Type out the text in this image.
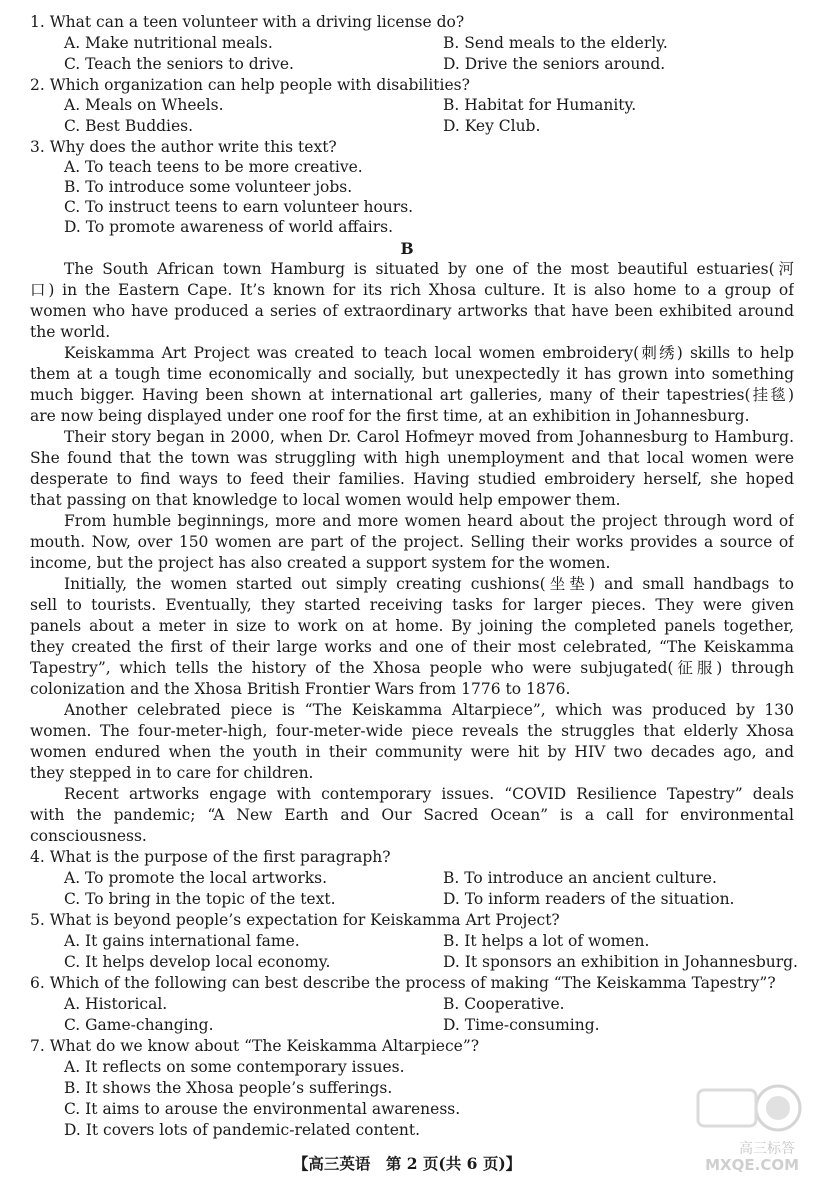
1. What can a teen volunteer with a driving license do?
A. Make nutritional meals.	B. Send meals to the elderly.
C. Teach the seniors to drive.	D. Drive the seniors around.
2. Which organization can help people with disabilities?
A. Meals on Wheels.	B. Habitat for Humanity.
C. Best Buddies.	D. Key Club.
3. Why does the author write this text?
A. To teach teens to be more creative.
B. To introduce some volunteer jobs.
C. To instruct teens to earn volunteer hours.
D. To promote awareness of world affairs.
B
The South African town Hamburg is situated by one of the most beautiful estuaries(河
口) in the Eastern Cape. It’s known for its rich Xhosa culture. It is also home to a group of
women who have produced a series of extraordinary artworks that have been exhibited around
the world.
Keiskamma Art Project was created to teach local women embroidery(刺绣) skills to help
them at a tough time economically and socially, but unexpectedly it has grown into something
much bigger. Having been shown at international art galleries, many of their tapestries(挂毯)
are now being displayed under one roof for the first time, at an exhibition in Johannesburg.
Their story began in 2000, when Dr. Carol Hofmeyr moved from Johannesburg to Hamburg.
She found that the town was struggling with high unemployment and that local women were
desperate to find ways to feed their families. Having studied embroidery herself, she hoped
that passing on that knowledge to local women would help empower them.
From humble beginnings, more and more women heard about the project through word of
mouth. Now, over 150 women are part of the project. Selling their works provides a source of
income, but the project has also created a support system for the women.
Initially, the women started out simply creating cushions(坐垫) and small handbags to
sell to tourists. Eventually, they started receiving tasks for larger pieces. They were given
panels about a meter in size to work on at home. By joining the completed panels together,
they created the first of their large works and one of their most celebrated, “The Keiskamma
Tapestry”, which tells the history of the Xhosa people who were subjugated(征服) through
colonization and the Xhosa British Frontier Wars from 1776 to 1876.
Another celebrated piece is “The Keiskamma Altarpiece”, which was produced by 130
women. The four-meter-high, four-meter-wide piece reveals the struggles that elderly Xhosa
women endured when the youth in their community were hit by HIV two decades ago, and
they stepped in to care for children.
Recent artworks engage with contemporary issues. “COVID Resilience Tapestry” deals
with the pandemic; “A New Earth and Our Sacred Ocean” is a call for environmental
consciousness.
4. What is the purpose of the first paragraph?
A. To promote the local artworks.	B. To introduce an ancient culture.
C. To bring in the topic of the text.	D. To inform readers of the situation.
5. What is beyond people’s expectation for Keiskamma Art Project?
A. It gains international fame.	B. It helps a lot of women.
C. It helps develop local economy.	D. It sponsors an exhibition in Johannesburg.
6. Which of the following can best describe the process of making “The Keiskamma Tapestry”?
A. Historical.	B. Cooperative.
C. Game-changing.	D. Time-consuming.
7. What do we know about “The Keiskamma Altarpiece”?
A. It reflects on some contemporary issues.
B. It shows the Xhosa people’s sufferings.
C. It aims to arouse the environmental awareness.
D. It covers lots of pandemic-related content.
【高三英语　第 2 页(共 6 页)】
高三标答
MXQE.COM
